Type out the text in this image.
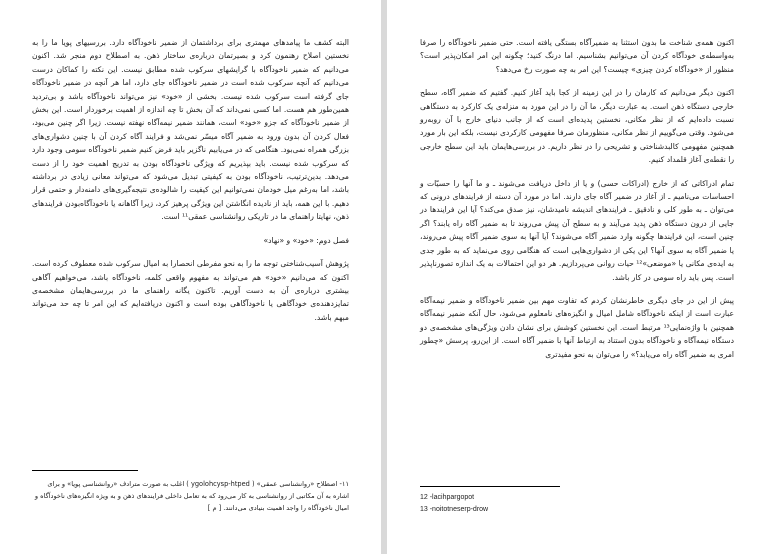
البته کشف ما پیامدهای مهمتری برای برداشتمان از ضمیر ناخودآگاه دارد. بررسیهای پویا ما را به نخستین اصلاح رهنمون کرد و بصیرتمان درباره‌ی ساختار ذهن. به اصطلاح دوم منجر شد. اکنون می‌دانیم که ضمیر ناخودآگاه با گرایشهای سرکوب شده مطابق نیست. این نکته را کماکان درست می‌دانیم که آنچه سرکوب شده است در ضمیر ناخودآگاه جای دارد، اما هر آنچه در ضمیر ناخودآگاه جای گرفته است سرکوب شده نیست. بخشی از «خود» نیز می‌تواند ناخودآگاه باشد و بی‌تردید همین‌طور هم هست. اما کسی نمی‌داند که آن بخش تا چه اندازه از اهمیت برخوردار است. این بخش از ضمیر ناخودآگاه که جزو «خود» است، همانند ضمیر نیمه‌آگاه نهفته نیست. زیرا اگر چنین می‌بود، فعال کردن آن بدون ورود به ضمیر آگاه میسّر نمی‌شد و فرایند آگاه کردن آن با چنین دشواری‌های بزرگی همراه نمی‌بود. هنگامی که در می‌یابیم ناگزیر باید فرض کنیم ضمیر ناخودآگاه سومی وجود دارد که سرکوب شده نیست. باید بپذیریم که ویژگی ناخودآگاه بودن به تدریج اهمیت خود را از دست می‌دهد. بدین‌ترتیب، ناخودآگاه بودن به کیفیتی تبدیل می‌شود که می‌تواند معانی زیادی در برداشته باشد، اما به‌رغم میل خودمان نمی‌توانیم این کیفیت را شالوده‌ی نتیجه‌گیری‌های دامنه‌دار و حتمی قرار دهیم. با این همه، باید از نادیده انگاشتن این ویژگی پرهیز کرد، زیرا آگاهانه یا ناخودآگاه‌بودن فرایندهای ذهن، نهایتا راهنمای ما در تاریکی روانشناسی عمقی¹¹ است.

فصل دوم: «خود» و «نهاد»

پژوهش آسیب‌شناختی توجه ما را به نحو مفرطی انحصارا به امیال سرکوب شده معطوف کرده است. اکنون که می‌دانیم «خود» هم می‌تواند به مفهوم واقعی کلمه، ناخودآگاه باشد، می‌خواهیم آگاهی بیشتری درباره‌ی آن به دست آوریم. تاکنون یگانه راهنمای ما در بررسی‌هایمان مشخصه‌ی تمایزدهنده‌ی خودآگاهی یا ناخودآگاهی بوده است و اکنون دریافته‌ایم که این امر تا چه حد می‌تواند مبهم باشد.

۱۱- اصطلاح «روانشناسی عمقی» ( ygolohcysp-htped ) اغلب به صورت مترادف «روانشناسی پویا» و برای اشاره به آن مکاتبی از روانشناسی به کار می‌رود که به تعامل داخلی فرایندهای ذهن و به ویژه انگیزه‌های ناخودآگاه و امیال ناخودآگاه را واجد اهمیت بنیادی می‌دانند. [ م ]

اکنون همه‌ی شناخت ما بدون استثنا به ضمیرآگاه بستگی یافته است. حتی ضمیر ناخودآگاه را صرفا به‌واسطه‌ی خودآگاه کردن آن می‌توانیم بشناسیم. اما درنگ کنید؛ چگونه این امر امکان‌پذیر است؟ منظور از «خودآگاه کردن چیزی» چیست؟ این امر به چه صورت رخ می‌دهد؟

اکنون دیگر می‌دانیم که کارمان را در این زمینه از کجا باید آغاز کنیم. گفتیم که ضمیر آگاه، سطح خارجی دستگاه ذهن است. به عبارت دیگر، ما آن را در این مورد به منزله‌ی یک کارکرد به دستگاهی نسبت داده‌ایم که از نظر مکانی، نخستین پدیده‌ای است که از جانب دنیای خارج با آن روبه‌رو می‌شود. وقتی می‌گوییم از نظر مکانی، منظورمان صرفا مفهومی کارکردی نیست، بلکه این بار مورد همچنین مفهومی کالبدشناختی و تشریحی را در نظر داریم. در بررسی‌هایمان باید این سطح خارجی را نقطه‌ی آغاز قلمداد کنیم.

تمام ادراکاتی که از خارج (ادراکات حسی) و یا از داخل دریافت می‌شوند ـ و ما آنها را حسیّات و احساسات می‌نامیم ـ از آغاز در ضمیر آگاه جای دارند. اما در مورد آن دسته از فرایندهای درونی که می‌توان ـ به طور کلی و نادقیق ـ فرایندهای اندیشه نامیدشان، نیز صدق می‌کند؟ آیا این فرایندها در جایی از درون دستگاه ذهن پدید می‌آیند و به سطح آن پیش می‌روند تا به ضمیر آگاه راه یابند؟ اگر چنین است، این فرایندها چگونه وارد ضمیر آگاه می‌شوند؟ آیا آنها به سوی ضمیر آگاه پیش می‌روند، یا ضمیر آگاه به سوی آنها؟ این یکی از دشواری‌هایی است که هنگامی روی می‌نماید که به طور جدی به ایده‌ی مکانی یا «موضعی»¹² حیات روانی می‌پردازیم. هر دو این احتمالات به یک اندازه تصورناپذیر است. پس باید راه سومی در کار باشد.

پیش از این در جای دیگری خاطرنشان کردم که تفاوت مهم بین ضمیر ناخودآگاه و ضمیر نیمه‌آگاه عبارت است از اینکه ناخودآگاه شامل امیال و انگیزه‌های نامعلوم می‌شود، حال آنکه ضمیر نیمه‌آگاه همچنین با واژه‌نمایی¹³ مرتبط است. این نخستین کوشش برای نشان دادن ویژگی‌های مشخصه‌ی دو دستگاه نیمه‌آگاه و ناخودآگاه بدون استناد به ارتباط آنها با ضمیر آگاه است. از این‌رو، پرسش «چطور امری به ضمیر آگاه راه می‌یابد؟» را می‌توان به نحو مفیدتری

12 -lacihpargopot
13 -noitotneserp-drow
